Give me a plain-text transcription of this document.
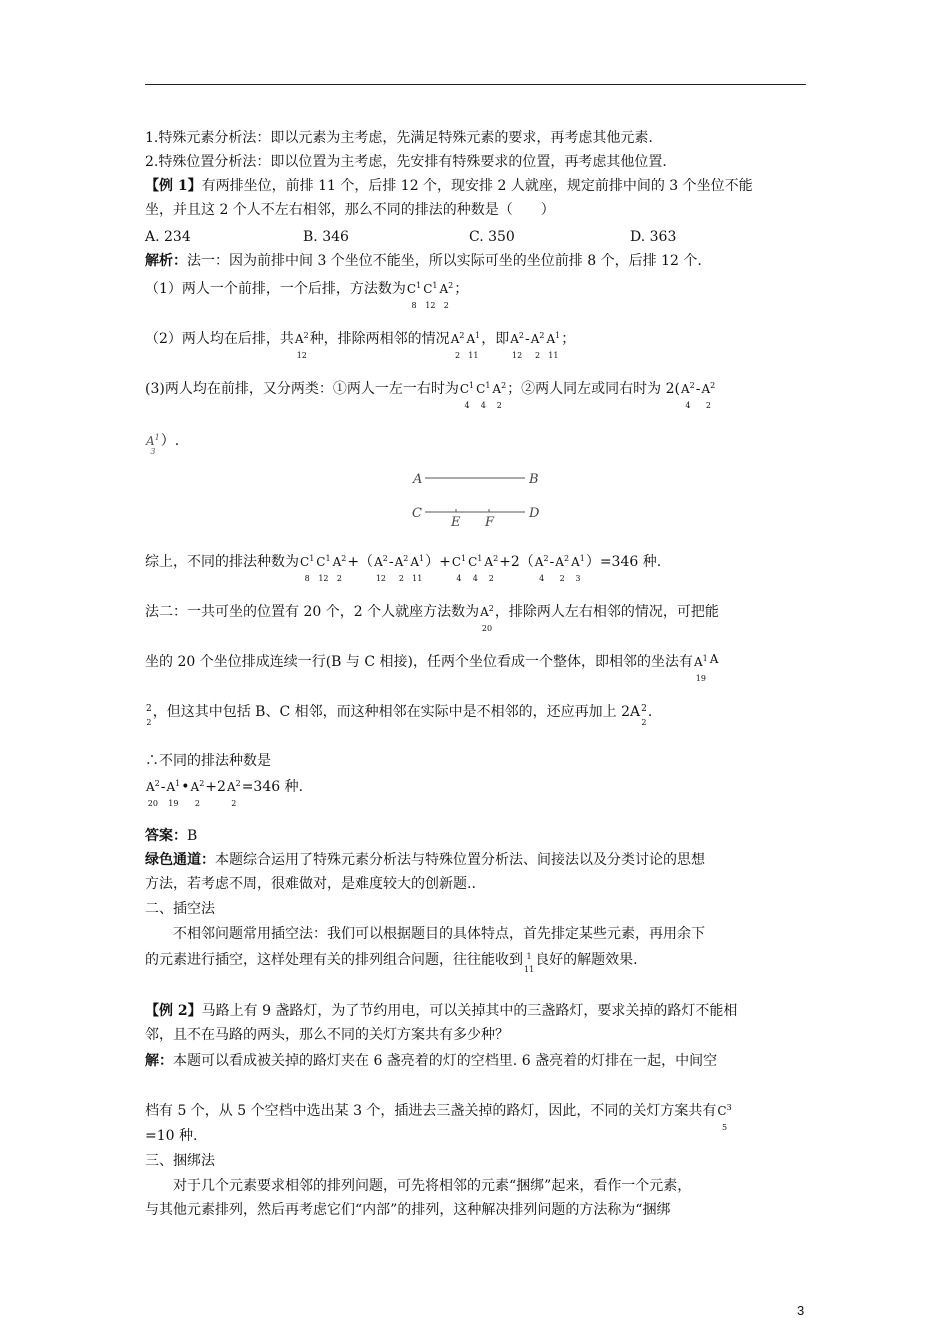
1.特殊元素分析法：即以元素为主考虑，先满足特殊元素的要求，再考虑其他元素.
2.特殊位置分析法：即以位置为主考虑，先安排有特殊要求的位置，再考虑其他位置.
【例 1】有两排坐位，前排 11 个，后排 12 个，现安排 2 人就座，规定前排中间的 3 个坐位不能
坐，并且这 2 个人不左右相邻，那么不同的排法的种数是（　　）
A. 234	B. 346	C. 350	D. 363
解析：法一：因为前排中间 3 个坐位不能坐，所以实际可坐的坐位前排 8 个，后排 12 个.
（1）两人一个前排，一个后排，方法数为 $C^1$
8
$C^1$
12
$A^2$
2
；
（2）两人均在后排，共 $A^2$
12
种，排除两相邻的情况 $A^2$
2
$A^1$
11
，即 $A^2$
12
- $A^2$
2
$A^1$
11
；
(3)两人均在前排，又分两类：①两人一左一右时为 $C^1$
4
$C^1$
4
$A^2$
2
；②两人同左或同右时为 2( $A^2$
4
- $A^2$
2
$A^1$
3
）.
A	B
C	D
E F
综上，不同的排法种数为 $C^1$
8
$C^1$
12
$A^2$
2
+（ $A^2$
12
- $A^2$
2
$A^1$
11
）+ $C^1$
4
$C^1$
4
$A^2$
2
+2（ $A^2$
4
- $A^2$
2
$A^1$
3
）=346 种.
法二：一共可坐的位置有 20 个，2 个人就座方法数为 $A^2$
20
，排除两人左右相邻的情况，可把能
坐的 20 个坐位排成连续一行(B 与 C 相接)，任两个坐位看成一个整体，即相邻的坐法有 $A^1$
19
A
2
2
，但这其中包括 B、C 相邻，而这种相邻在实际中是不相邻的，还应再加上 2A 2
2
.
∴不同的排法种数是
$A^2$
20
- $A^1$
19
• $A^2$
2
+2 $A^2$
2
=346 种.
答案：B
绿色通道：本题综合运用了特殊元素分析法与特殊位置分析法、间接法以及分类讨论的思想
方法，若考虑不周，很难做对，是难度较大的创新题..
二、插空法
　　不相邻问题常用插空法：我们可以根据题目的具体特点，首先排定某些元素，再用余下
的元素进行插空，这样处理有关的排列组合问题，往往能收到 1
11
良好的解题效果.
【例 2】马路上有 9 盏路灯，为了节约用电，可以关掉其中的三盏路灯，要求关掉的路灯不能相
邻，且不在马路的两头，那么不同的关灯方案共有多少种？
解：本题可以看成被关掉的路灯夹在 6 盏亮着的灯的空档里. 6 盏亮着的灯排在一起，中间空
档有 5 个，从 5 个空档中选出某 3 个，插进去三盏关掉的路灯，因此，不同的关灯方案共有 $C^3$
5
=10 种.
三、捆绑法
　　对于几个元素要求相邻的排列问题，可先将相邻的元素“捆绑”起来，看作一个元素，
与其他元素排列，然后再考虑它们“内部”的排列，这种解决排列问题的方法称为“捆绑
3
